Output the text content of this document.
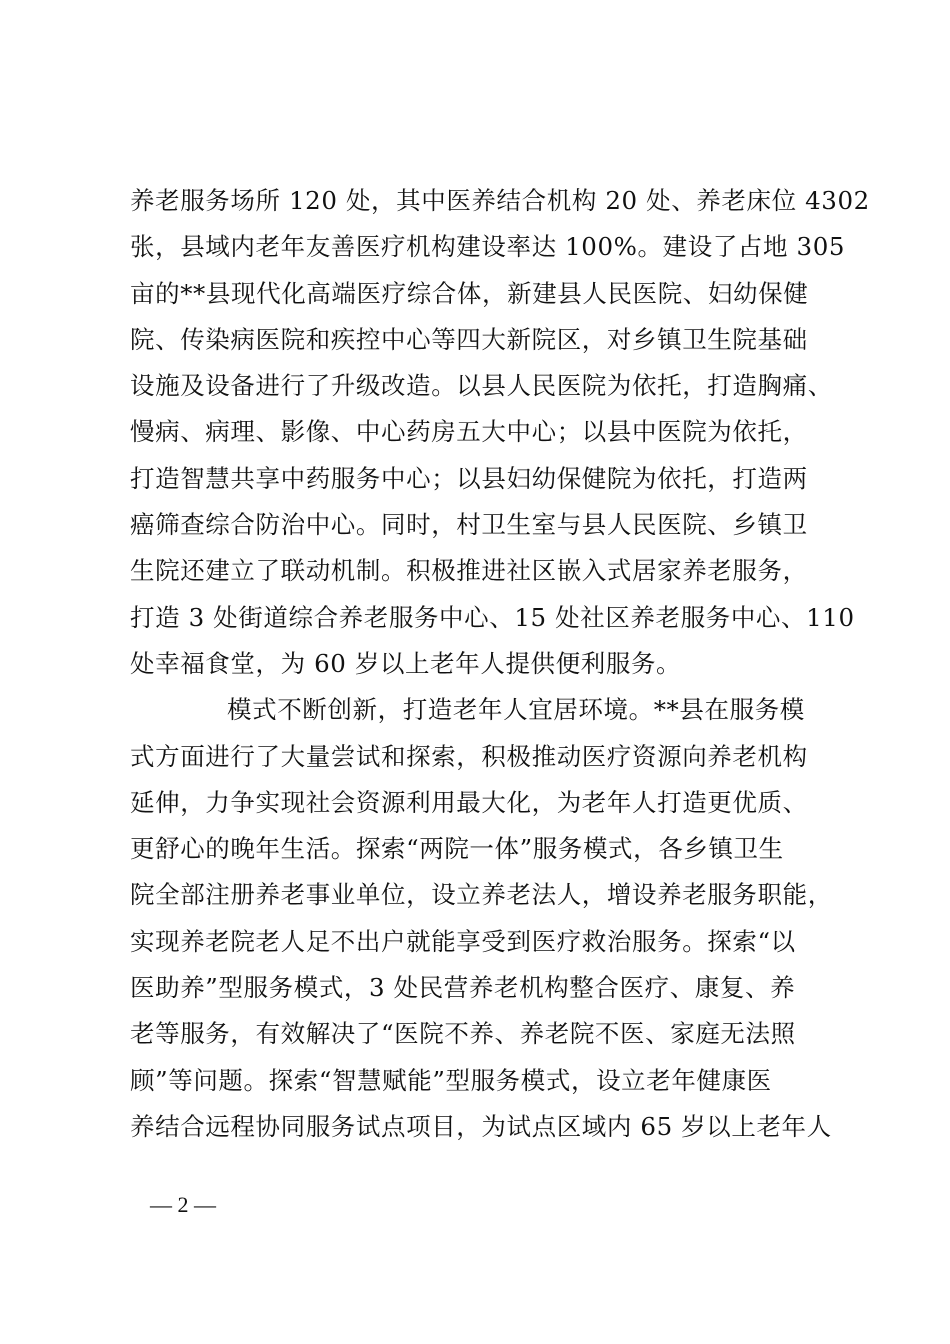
养老服务场所 120 处，其中医养结合机构 20 处、养老床位 4302
张，县域内老年友善医疗机构建设率达 100%。建设了占地 305
亩的**县现代化高端医疗综合体，新建县人民医院、妇幼保健
院、传染病医院和疾控中心等四大新院区，对乡镇卫生院基础
设施及设备进行了升级改造。以县人民医院为依托，打造胸痛、
慢病、病理、影像、中心药房五大中心；以县中医院为依托，
打造智慧共享中药服务中心；以县妇幼保健院为依托，打造两
癌筛查综合防治中心。同时，村卫生室与县人民医院、乡镇卫
生院还建立了联动机制。积极推进社区嵌入式居家养老服务，
打造 3 处街道综合养老服务中心、15 处社区养老服务中心、110
处幸福食堂，为 60 岁以上老年人提供便利服务。
模式不断创新，打造老年人宜居环境。**县在服务模
式方面进行了大量尝试和探索，积极推动医疗资源向养老机构
延伸，力争实现社会资源利用最大化，为老年人打造更优质、
更舒心的晚年生活。探索“两院一体”服务模式，各乡镇卫生
院全部注册养老事业单位，设立养老法人，增设养老服务职能，
实现养老院老人足不出户就能享受到医疗救治服务。探索“以
医助养”型服务模式，3 处民营养老机构整合医疗、康复、养
老等服务，有效解决了“医院不养、养老院不医、家庭无法照
顾”等问题。探索“智慧赋能”型服务模式，设立老年健康医
养结合远程协同服务试点项目，为试点区域内 65 岁以上老年人
— 2 —
